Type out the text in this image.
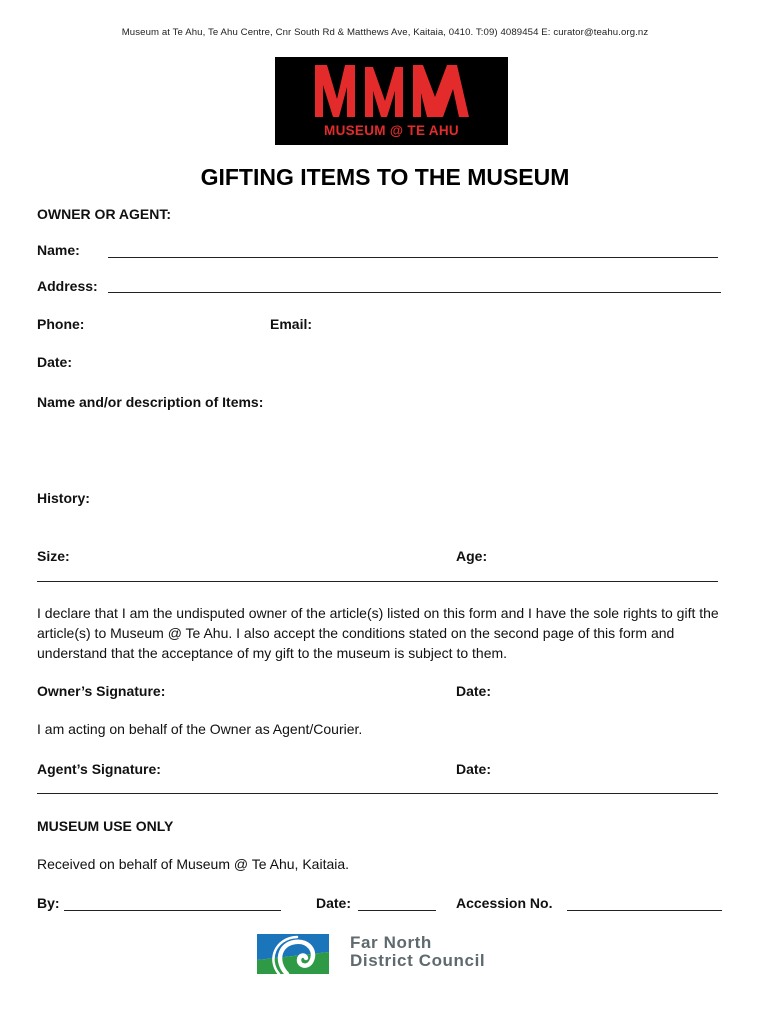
Museum at Te Ahu, Te Ahu Centre, Cnr South Rd & Matthews Ave, Kaitaia, 0410. T:09) 4089454 E: curator@teahu.org.nz
MUSEUM @ TE AHU
GIFTING ITEMS TO THE MUSEUM
OWNER OR AGENT:
Name:
Address:
Phone:	Email:
Date:
Name and/or description of Items:
History:
Size:	Age:
I declare that I am the undisputed owner of the article(s) listed on this form and I have the sole rights to gift the article(s) to Museum @ Te Ahu. I also accept the conditions stated on the second page of this form and understand that the acceptance of my gift to the museum is subject to them.
Owner’s Signature:	Date:
I am acting on behalf of the Owner as Agent/Courier.
Agent’s Signature:	Date:
MUSEUM USE ONLY
Received on behalf of Museum @ Te Ahu, Kaitaia.
By:	Date:	Accession No.
Far North
District Council
